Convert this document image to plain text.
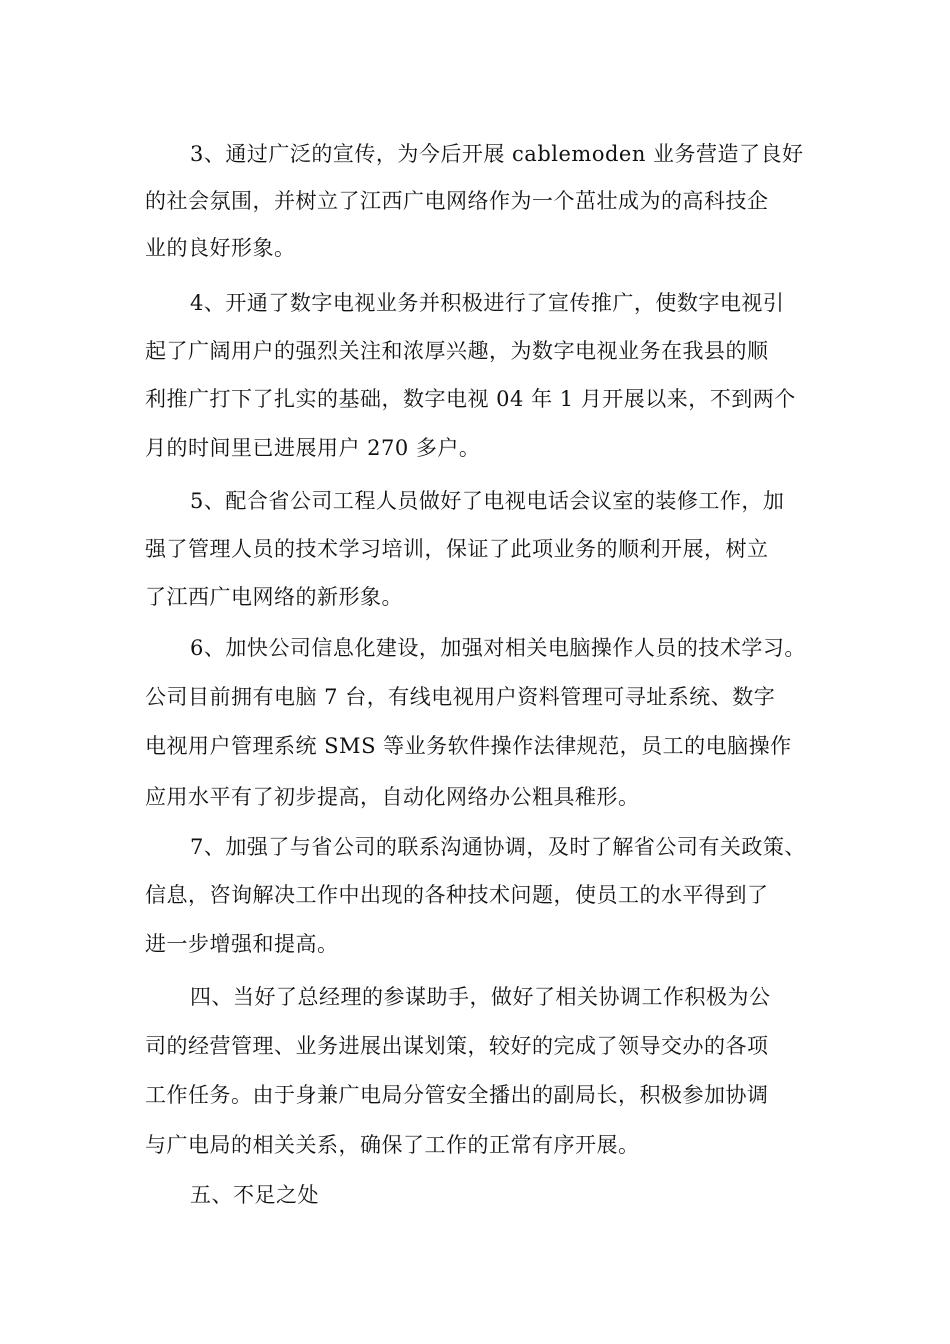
3、通过广泛的宣传，为今后开展 cablemoden 业务营造了良好
的社会氛围，并树立了江西广电网络作为一个茁壮成为的高科技企
业的良好形象。
4、开通了数字电视业务并积极进行了宣传推广，使数字电视引
起了广阔用户的强烈关注和浓厚兴趣，为数字电视业务在我县的顺
利推广打下了扎实的基础，数字电视 04 年 1 月开展以来，不到两个
月的时间里已进展用户 270 多户。
5、配合省公司工程人员做好了电视电话会议室的装修工作，加
强了管理人员的技术学习培训，保证了此项业务的顺利开展，树立
了江西广电网络的新形象。
6、加快公司信息化建设，加强对相关电脑操作人员的技术学习。
公司目前拥有电脑 7 台，有线电视用户资料管理可寻址系统、数字
电视用户管理系统 SMS 等业务软件操作法律规范，员工的电脑操作
应用水平有了初步提高，自动化网络办公粗具稚形。
7、加强了与省公司的联系沟通协调，及时了解省公司有关政策、
信息，咨询解决工作中出现的各种技术问题，使员工的水平得到了
进一步增强和提高。
四、当好了总经理的参谋助手，做好了相关协调工作积极为公
司的经营管理、业务进展出谋划策，较好的完成了领导交办的各项
工作任务。由于身兼广电局分管安全播出的副局长，积极参加协调
与广电局的相关关系，确保了工作的正常有序开展。
五、不足之处
